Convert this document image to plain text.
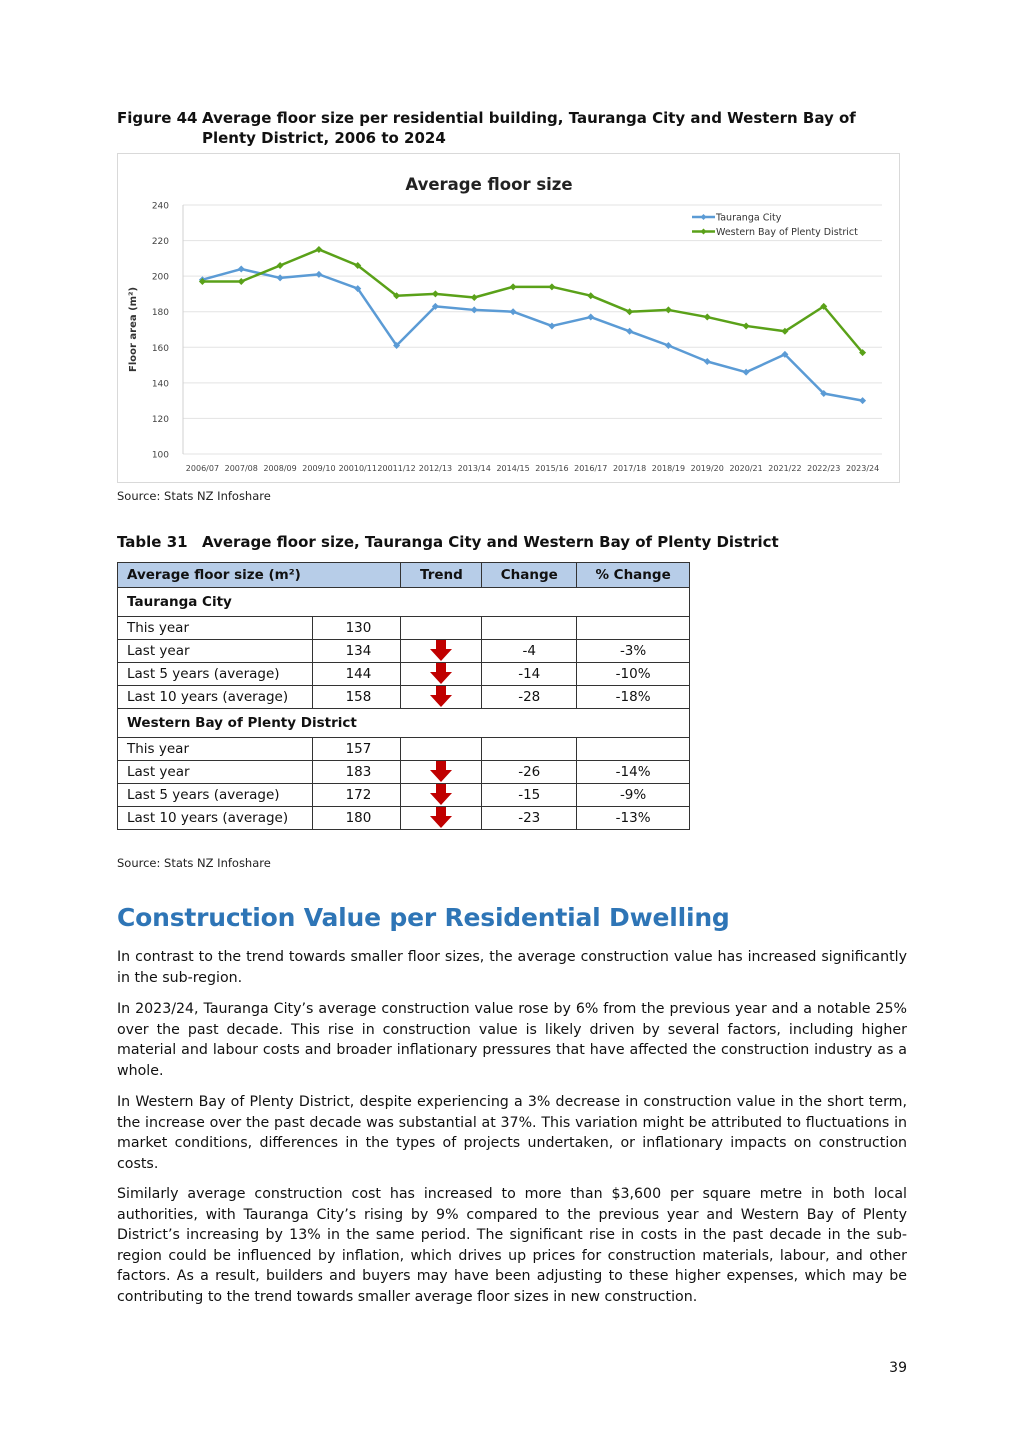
Figure 44 Average floor size per residential building, Tauranga City and Western Bay of Plenty District, 2006 to 2024
Average floor size
100
120
140
160
180
200
220
240
Floor area (m²)
2006/07 2007/08 2008/09 2009/10 20010/11 20011/12 2012/13 2013/14 2014/15 2015/16 2016/17 2017/18 2018/19 2019/20 2020/21 2021/22 2022/23 2023/24
Tauranga City
Western Bay of Plenty District
Source: Stats NZ Infoshare
Table 31 Average floor size, Tauranga City and Western Bay of Plenty District
Average floor size (m²)		Trend	Change	% Change
Tauranga City				
This year	130			
Last year	134		-4	-3%
Last 5 years (average)	144		-14	-10%
Last 10 years (average)	158		-28	-18%
Western Bay of Plenty District				
This year	157			
Last year	183		-26	-14%
Last 5 years (average)	172		-15	-9%
Last 10 years (average)	180		-23	-13%
Source: Stats NZ Infoshare
Construction Value per Residential Dwelling

In contrast to the trend towards smaller floor sizes, the average construction value has increased significantly in the sub-region.

In 2023/24, Tauranga City’s average construction value rose by 6% from the previous year and a notable 25% over the past decade. This rise in construction value is likely driven by several factors, including higher material and labour costs and broader inflationary pressures that have affected the construction industry as a whole.

In Western Bay of Plenty District, despite experiencing a 3% decrease in construction value in the short term, the increase over the past decade was substantial at 37%. This variation might be attributed to fluctuations in market conditions, differences in the types of projects undertaken, or inflationary impacts on construction costs.

Similarly average construction cost has increased to more than $3,600 per square metre in both local authorities, with Tauranga City’s rising by 9% compared to the previous year and Western Bay of Plenty District’s increasing by 13% in the same period. The significant rise in costs in the past decade in the sub-region could be influenced by inflation, which drives up prices for construction materials, labour, and other factors. As a result, builders and buyers may have been adjusting to these higher expenses, which may be contributing to the trend towards smaller average floor sizes in new construction.

39
